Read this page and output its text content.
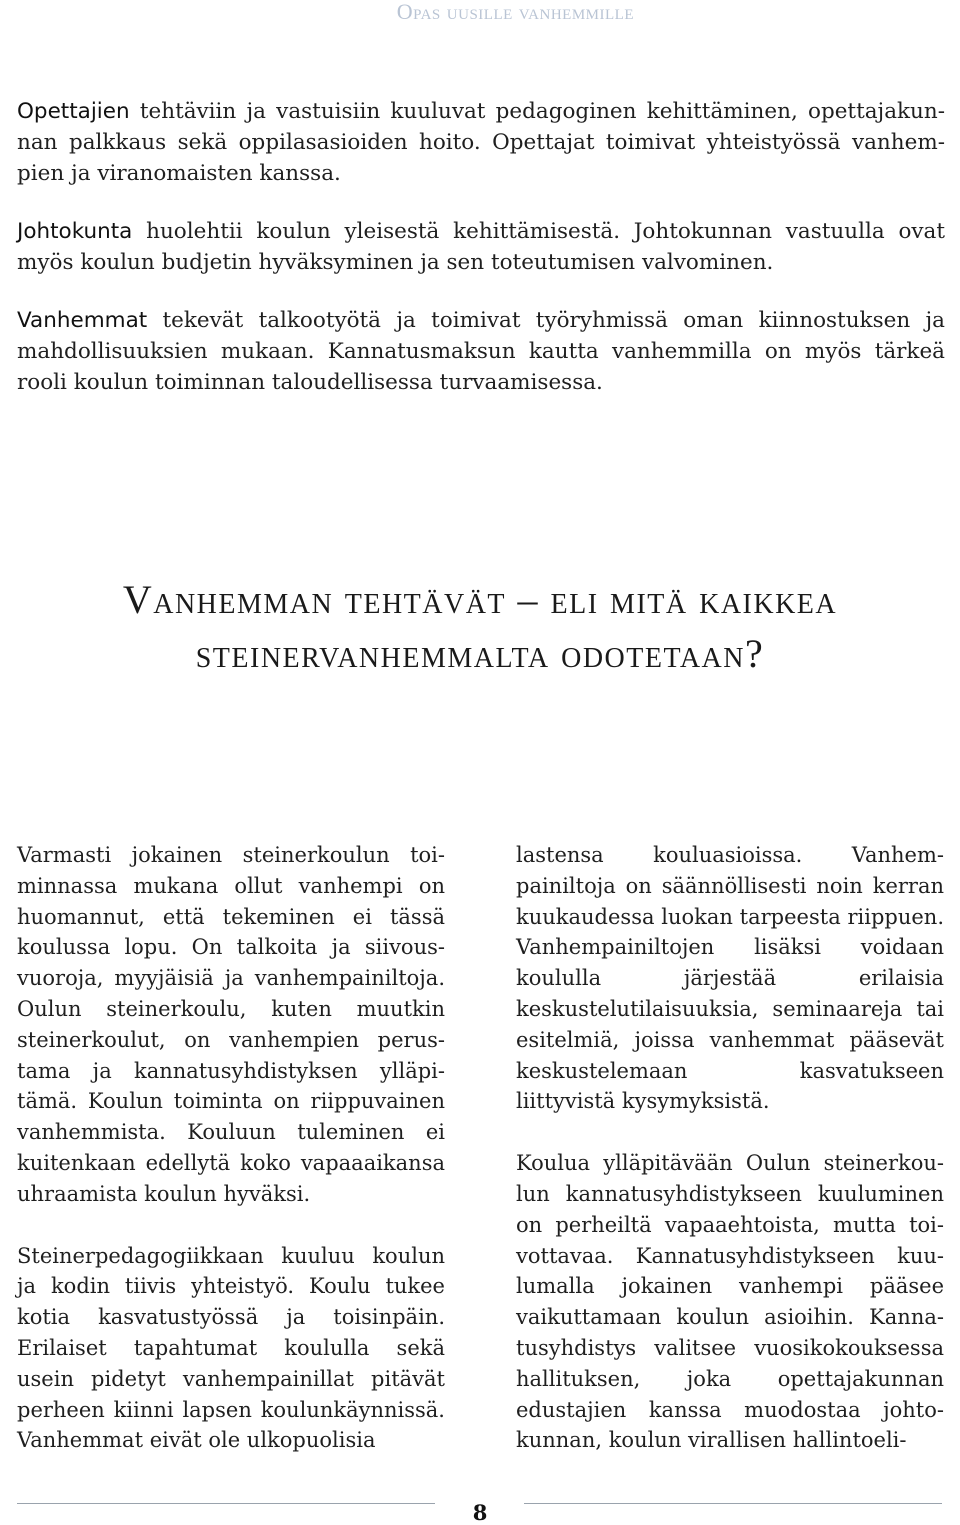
Opas uusille vanhemmille

Opettajien tehtäviin ja vastuisiin kuuluvat pedagoginen kehittäminen, opettajakunnan palkkaus sekä oppilasasioiden hoito. Opettajat toimivat yhteistyössä vanhempien ja viranomaisten kanssa.

Johtokunta huolehtii koulun yleisestä kehittämisestä. Johtokunnan vastuulla ovat myös koulun budjetin hyväksyminen ja sen toteutumisen valvominen.

Vanhemmat tekevät talkootyötä ja toimivat työryhmissä oman kiinnostuksen ja mahdollisuuksien mukaan. Kannatusmaksun kautta vanhemmilla on myös tärkeä rooli koulun toiminnan taloudellisessa turvaamisessa.

Vanhemman tehtävät – eli mitä kaikkea
steinervanhemmalta odotetaan?

Varmasti jokainen steinerkoulun toiminnassa mukana ollut vanhempi on huomannut, että tekeminen ei tässä koulussa lopu. On talkoita ja siivousvuoroja, myyjäisiä ja vanhempainiltoja. Oulun steinerkoulu, kuten muutkin steinerkoulut, on vanhempien perustama ja kannatusyhdistyksen ylläpitämä. Koulun toiminta on riippuvainen vanhemmista. Kouluun tuleminen ei kuitenkaan edellytä koko vapaaaikansa uhraamista koulun hyväksi.

Steinerpedagogiikkaan kuuluu koulun ja kodin tiivis yhteistyö. Koulu tukee kotia kasvatustyössä ja toisinpäin. Erilaiset tapahtumat koululla sekä usein pidetyt vanhempainillat pitävät perheen kiinni lapsen koulunkäynnissä. Vanhemmat eivät ole ulkopuolisia

lastensa kouluasioissa. Vanhempainiltoja on säännöllisesti noin kerran kuukaudessa luokan tarpeesta riippuen. Vanhempainiltojen lisäksi voidaan koululla järjestää erilaisia keskustelutilaisuuksia, seminaareja tai esitelmiä, joissa vanhemmat pääsevät keskustelemaan kasvatukseen liittyvistä kysymyksistä.

Koulua ylläpitävään Oulun steinerkoulun kannatusyhdistykseen kuuluminen on perheiltä vapaaehtoista, mutta toivottavaa. Kannatusyhdistykseen kuulumalla jokainen vanhempi pääsee vaikuttamaan koulun asioihin. Kannatusyhdistys valitsee vuosikokouksessa hallituksen, joka opettajakunnan edustajien kanssa muodostaa johtokunnan, koulun virallisen hallintoeli-

8
